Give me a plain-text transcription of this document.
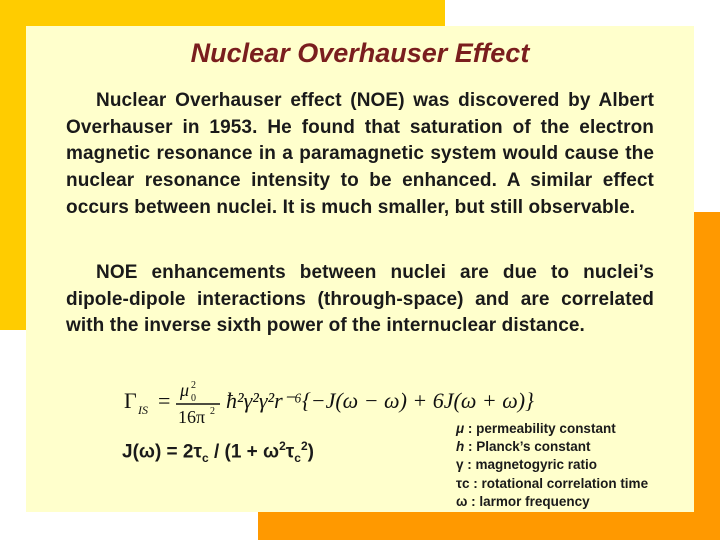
Nuclear Overhauser Effect

Nuclear Overhauser effect (NOE) was discovered by Albert Overhauser in 1953. He found that saturation of the electron magnetic resonance in a paramagnetic system would cause the nuclear resonance intensity to be enhanced. A similar effect occurs between nuclei. It is much smaller, but still observable.

NOE enhancements between nuclei are due to nuclei’s dipole-dipole interactions (through-space) and are correlated with the inverse sixth power of the internuclear distance.

Γ IS = μ 2
0
16π 2 ħ²γ²γ²r⁻⁶{−J(ω − ω) + 6J(ω + ω)}
$J(\omega) = 2\tau_c / (1 + \omega^2\tau_c^2)$
μ : permeability constant
h : Planck’s constant
γ : magnetogyric ratio
τc : rotational correlation time
ω : larmor frequency
